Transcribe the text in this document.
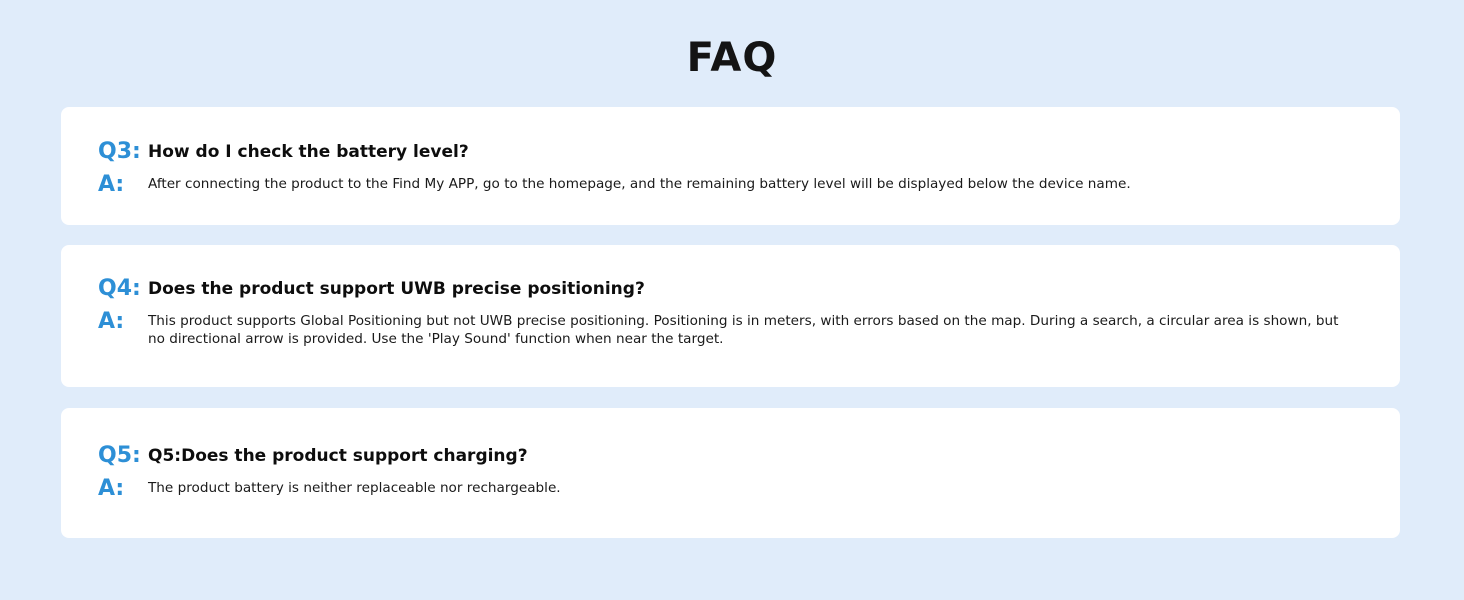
FAQ
Q3: How do I check the battery level?
A: After connecting the product to the Find My APP, go to the homepage, and the remaining battery level will be displayed below the device name.
Q4: Does the product support UWB precise positioning?
A: This product supports Global Positioning but not UWB precise positioning. Positioning is in meters, with errors based on the map. During a search, a circular area is shown, but no directional arrow is provided. Use the 'Play Sound' function when near the target.
Q5: Q5:Does the product support charging?
A: The product battery is neither replaceable nor rechargeable.
